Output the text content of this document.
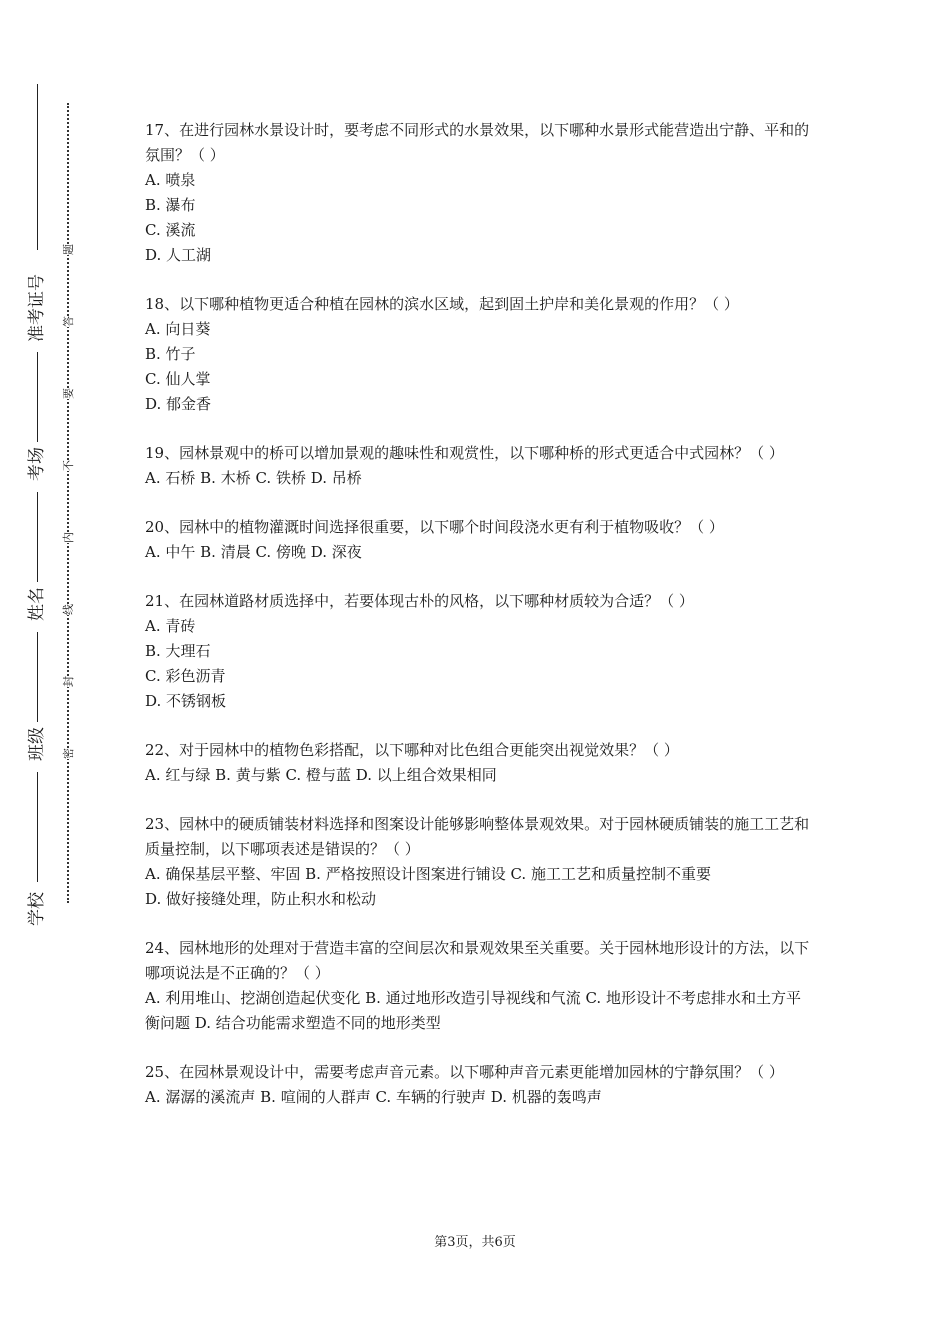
准考证号
考场
姓名
班级
学校
题
答
要
不
内
线
封
密

17、在进行园林水景设计时，要考虑不同形式的水景效果，以下哪种水景形式能营造出宁静、平和的氛围？（ ）

A. 喷泉

B. 瀑布

C. 溪流

D. 人工湖

18、以下哪种植物更适合种植在园林的滨水区域，起到固土护岸和美化景观的作用？（ ）

A. 向日葵

B. 竹子

C. 仙人掌

D. 郁金香

19、园林景观中的桥可以增加景观的趣味性和观赏性，以下哪种桥的形式更适合中式园林？（ ）

A. 石桥 B. 木桥 C. 铁桥 D. 吊桥

20、园林中的植物灌溉时间选择很重要，以下哪个时间段浇水更有利于植物吸收？（ ）

A. 中午 B. 清晨 C. 傍晚 D. 深夜

21、在园林道路材质选择中，若要体现古朴的风格，以下哪种材质较为合适？（ ）

A. 青砖

B. 大理石

C. 彩色沥青

D. 不锈钢板

22、对于园林中的植物色彩搭配，以下哪种对比色组合更能突出视觉效果？（ ）

A. 红与绿 B. 黄与紫 C. 橙与蓝 D. 以上组合效果相同

23、园林中的硬质铺装材料选择和图案设计能够影响整体景观效果。对于园林硬质铺装的施工工艺和质量控制，以下哪项表述是错误的？（ ）

A. 确保基层平整、牢固 B. 严格按照设计图案进行铺设 C. 施工工艺和质量控制不重要

D. 做好接缝处理，防止积水和松动

24、园林地形的处理对于营造丰富的空间层次和景观效果至关重要。关于园林地形设计的方法，以下哪项说法是不正确的？（ ）

A. 利用堆山、挖湖创造起伏变化 B. 通过地形改造引导视线和气流 C. 地形设计不考虑排水和土方平衡问题 D. 结合功能需求塑造不同的地形类型

25、在园林景观设计中，需要考虑声音元素。以下哪种声音元素更能增加园林的宁静氛围？（ ）

A. 潺潺的溪流声 B. 喧闹的人群声 C. 车辆的行驶声 D. 机器的轰鸣声

第3页，共6页
